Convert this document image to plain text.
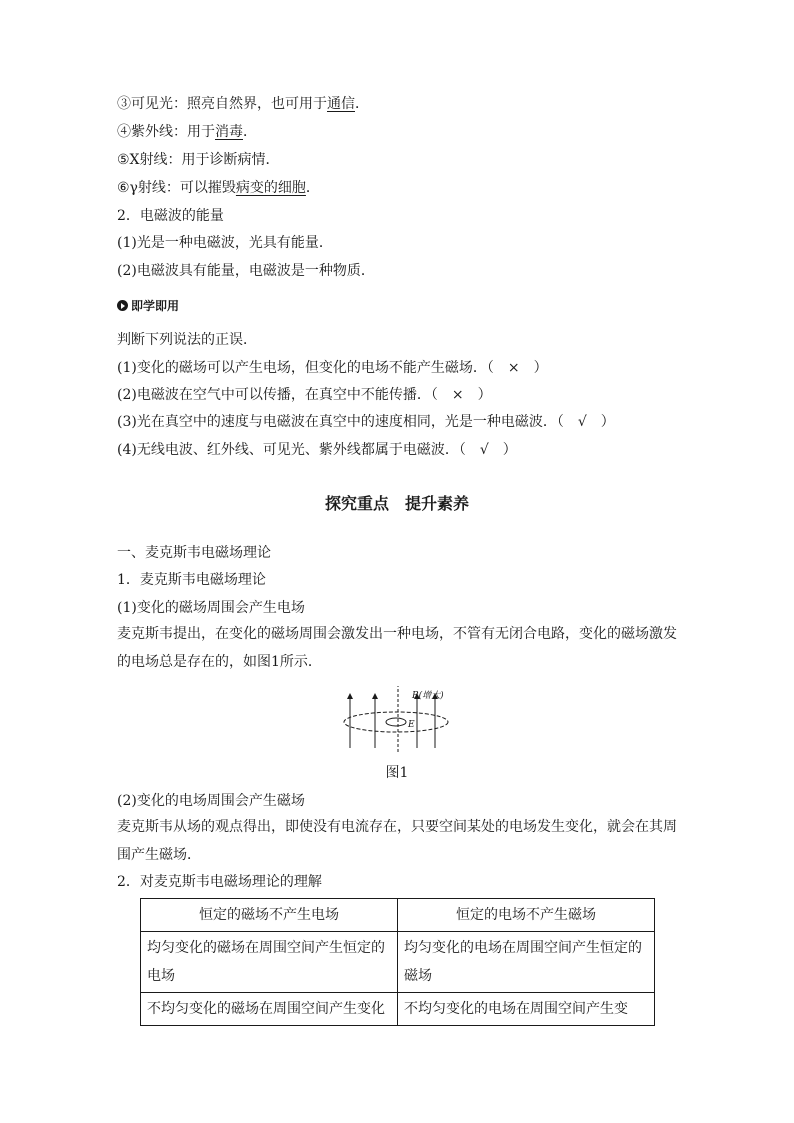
③可见光：照亮自然界，也可用于通信．
④紫外线：用于消毒．
⑤X射线：用于诊断病情．
⑥γ射线：可以摧毁病变的细胞．
2．电磁波的能量
(1)光是一种电磁波，光具有能量．
(2)电磁波具有能量，电磁波是一种物质．
即学即用
判断下列说法的正误．
(1)变化的磁场可以产生电场，但变化的电场不能产生磁场．（　×　）
(2)电磁波在空气中可以传播，在真空中不能传播．（　×　）
(3)光在真空中的速度与电磁波在真空中的速度相同，光是一种电磁波．（　√　）
(4)无线电波、红外线、可见光、紫外线都属于电磁波．（　√　）
探究重点　提升素养
一、麦克斯韦电磁场理论
1．麦克斯韦电磁场理论
(1)变化的磁场周围会产生电场
麦克斯韦提出，在变化的磁场周围会激发出一种电场，不管有无闭合电路，变化的磁场激发的电场总是存在的，如图1所示．
B(增大)
E
图1
(2)变化的电场周围会产生磁场
麦克斯韦从场的观点得出，即使没有电流存在，只要空间某处的电场发生变化，就会在其周围产生磁场．
2．对麦克斯韦电磁场理论的理解
恒定的磁场不产生电场	恒定的电场不产生磁场
均匀变化的磁场在周围空间产生恒定的电场	均匀变化的电场在周围空间产生恒定的磁场
不均匀变化的磁场在周围空间产生变化	不均匀变化的电场在周围空间产生变
